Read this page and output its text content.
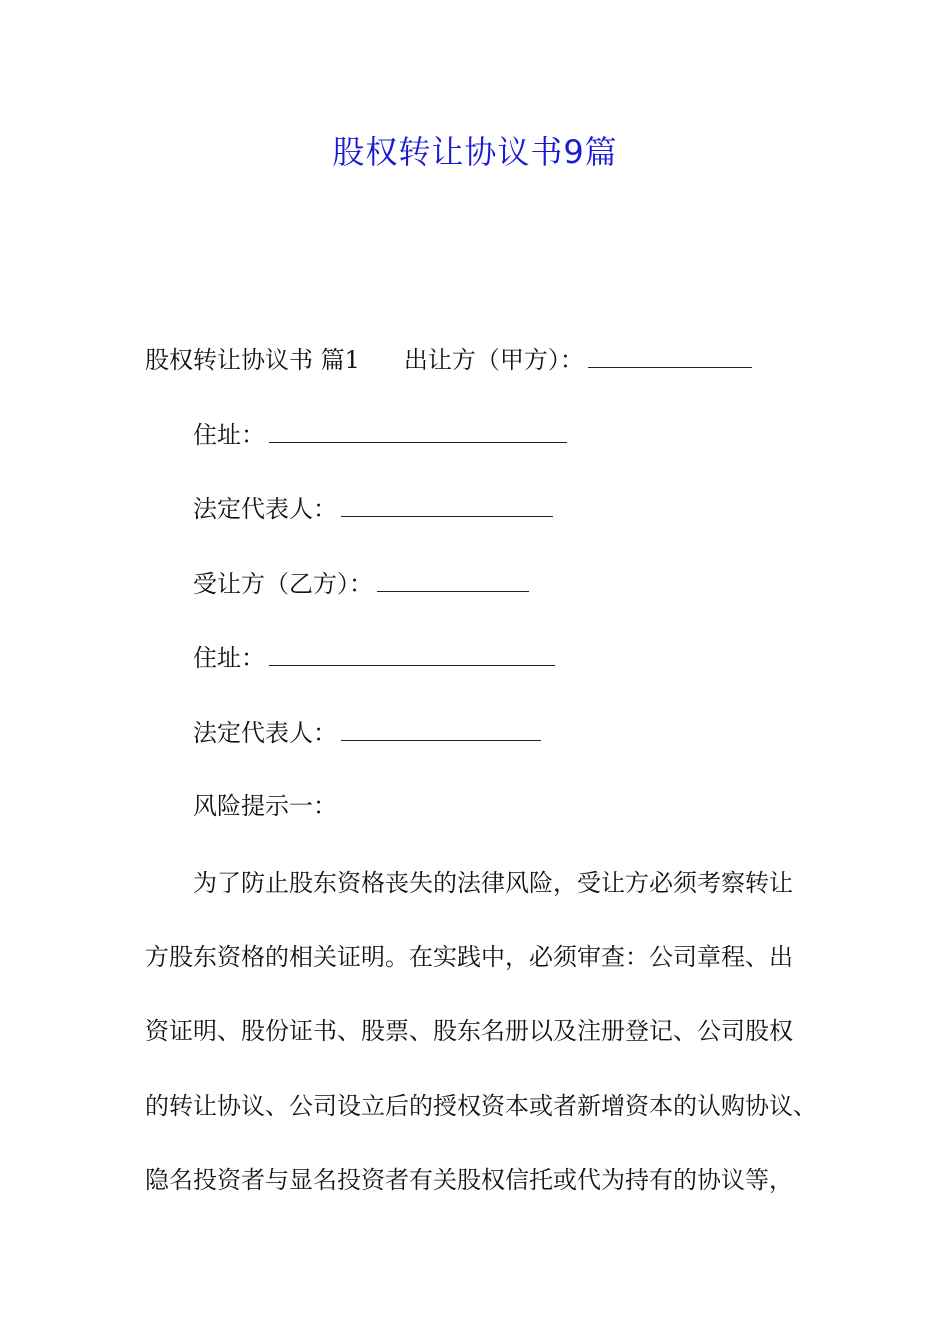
股权转让协议书9篇
股权转让协议书 篇1 出让方（甲方）：
住址：
法定代表人：
受让方（乙方）：
住址：
法定代表人：
风险提示一：
为了防止股东资格丧失的法律风险，受让方必须考察转让
方股东资格的相关证明。在实践中，必须审查：公司章程、出
资证明、股份证书、股票、股东名册以及注册登记、公司股权
的转让协议、公司设立后的授权资本或者新增资本的认购协议、
隐名投资者与显名投资者有关股权信托或代为持有的协议等，
